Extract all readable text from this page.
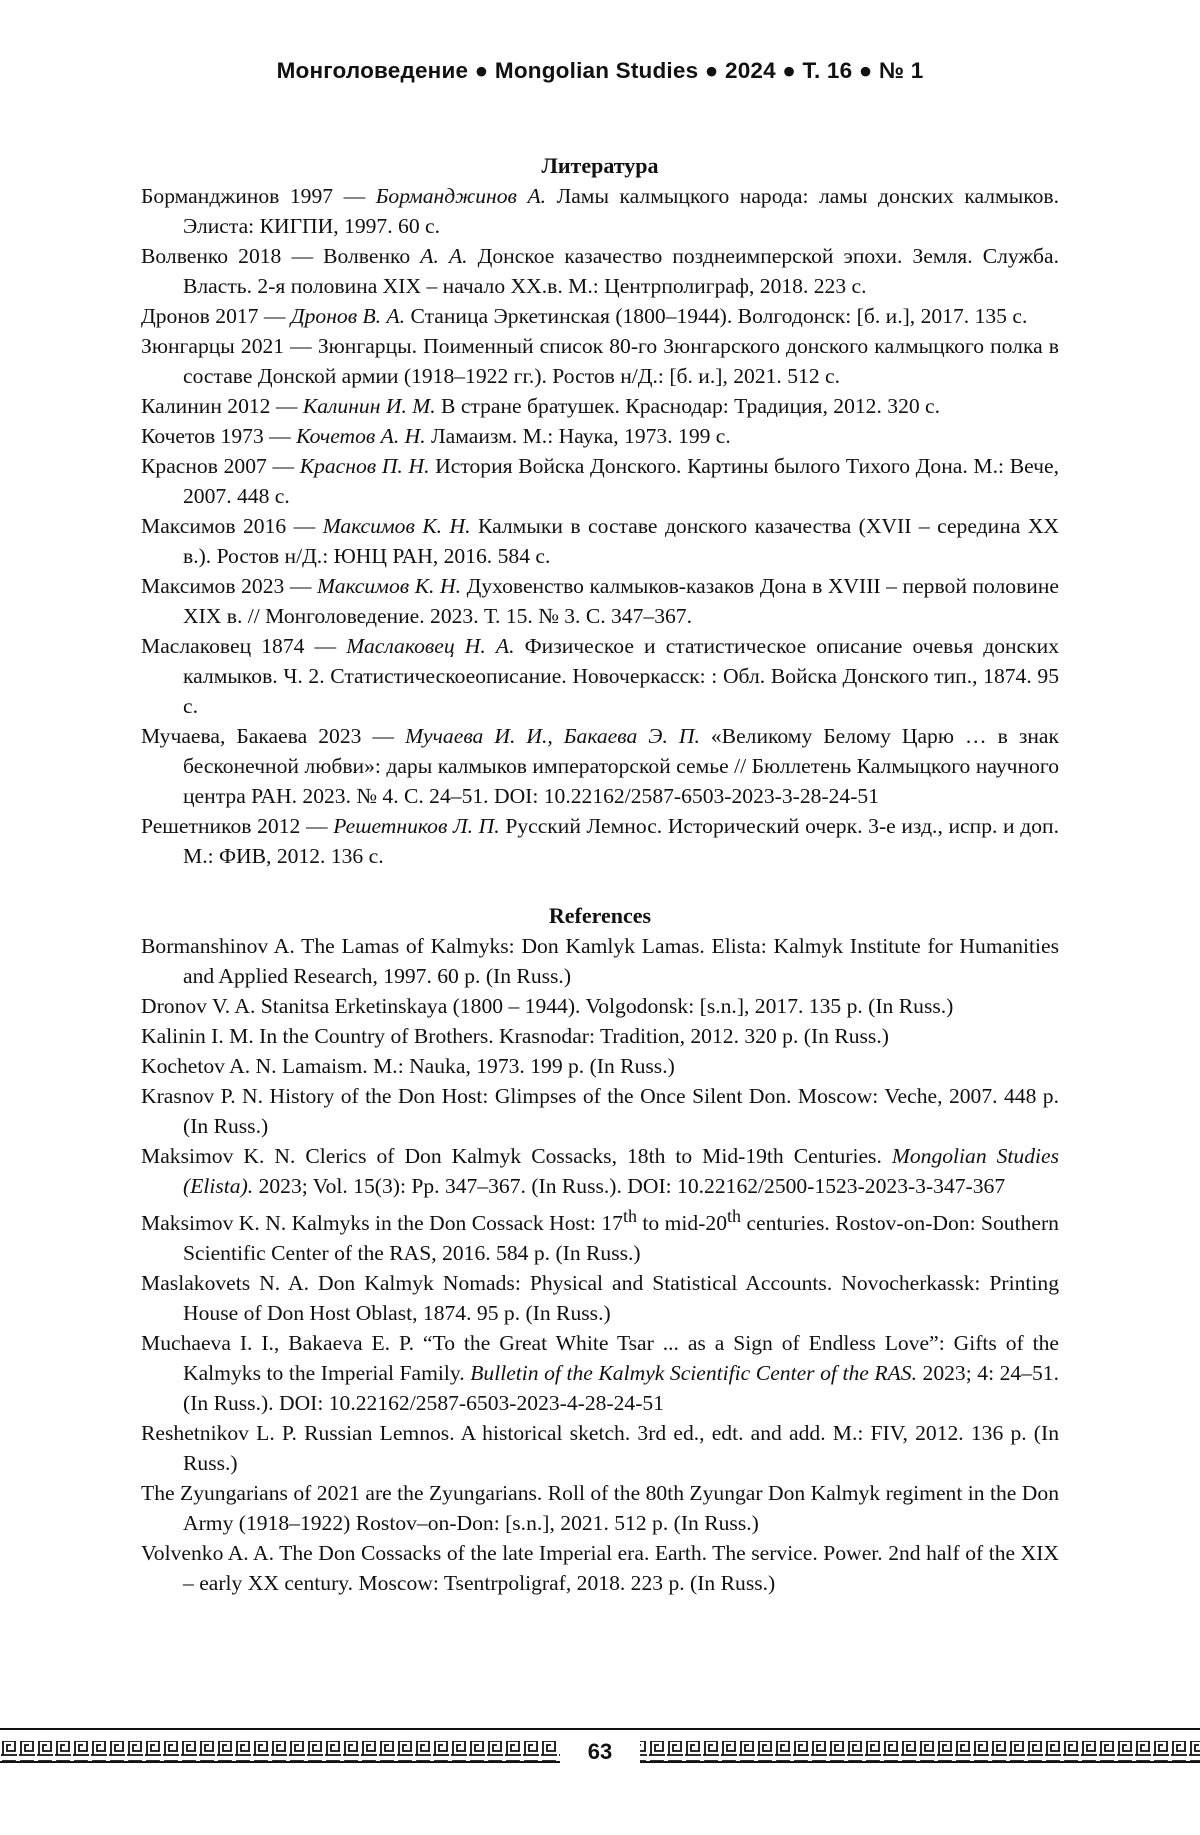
Монголоведение ● Mongolian Studies ● 2024 ● Т. 16 ● № 1
Литература
Борманджинов 1997 — Борманджинов А. Ламы калмыцкого народа: ламы донских калмыков. Элиста: КИГПИ, 1997. 60 с.
Волвенко 2018 — Волвенко А. А. Донское казачество позднеимперской эпохи. Земля. Служба. Власть. 2-я половина XIX – начало XX.в. М.: Центрполиграф, 2018. 223 с.
Дронов 2017 — Дронов В. А. Станица Эркетинская (1800–1944). Волгодонск: [б. и.], 2017. 135 с.
Зюнгарцы 2021 — Зюнгарцы. Поименный список 80-го Зюнгарского донского калмыцкого полка в составе Донской армии (1918–1922 гг.). Ростов н/Д.: [б. и.], 2021. 512 с.
Калинин 2012 — Калинин И. М. В стране братушек. Краснодар: Традиция, 2012. 320 с.
Кочетов 1973 — Кочетов А. Н. Ламаизм. М.: Наука, 1973. 199 с.
Краснов 2007 — Краснов П. Н. История Войска Донского. Картины былого Тихого Дона. М.: Вече, 2007. 448 с.
Максимов 2016 — Максимов К. Н. Калмыки в составе донского казачества (XVII – середина XX в.). Ростов н/Д.: ЮНЦ РАН, 2016. 584 с.
Максимов 2023 — Максимов К. Н. Духовенство калмыков-казаков Дона в XVIII – первой половине XIX в. // Монголоведение. 2023. Т. 15. № 3. С. 347–367.
Маслаковец 1874 — Маслаковец Н. А. Физическое и статистическое описание очевья донских калмыков. Ч. 2. Статистическоеописание. Новочеркасск: : Обл. Войска Донского тип., 1874. 95 с.
Мучаева, Бакаева 2023 — Мучаева И. И., Бакаева Э. П. «Великому Белому Царю … в знак бесконечной любви»: дары калмыков императорской семье // Бюллетень Калмыцкого научного центра РАН. 2023. № 4. С. 24–51. DOI: 10.22162/2587-6503-2023-3-28-24-51
Решетников 2012 — Решетников Л. П. Русский Лемнос. Исторический очерк. 3-е изд., испр. и доп. М.: ФИВ, 2012. 136 с.
References
Bormanshinov A. The Lamas of Kalmyks: Don Kamlyk Lamas. Elista: Kalmyk Institute for Humanities and Applied Research, 1997. 60 p. (In Russ.)
Dronov V. A. Stanitsa Erketinskaya (1800 – 1944). Volgodonsk: [s.n.], 2017. 135 p. (In Russ.)
Kalinin I. M. In the Country of Brothers. Krasnodar: Tradition, 2012. 320 p. (In Russ.)
Kochetov A. N. Lamaism. M.: Nauka, 1973. 199 p. (In Russ.)
Krasnov P. N. History of the Don Host: Glimpses of the Once Silent Don. Moscow: Veche, 2007. 448 p. (In Russ.)
Maksimov K. N. Clerics of Don Kalmyk Cossacks, 18th to Mid-19th Centuries. Mongolian Studies (Elista). 2023; Vol. 15(3): Pp. 347–367. (In Russ.). DOI: 10.22162/2500-1523-2023-3-347-367
Maksimov K. N. Kalmyks in the Don Cossack Host: 17th to mid-20th centuries. Rostov-on-Don: Southern Scientific Center of the RAS, 2016. 584 p. (In Russ.)
Maslakovets N. A. Don Kalmyk Nomads: Physical and Statistical Accounts. Novocherkassk: Printing House of Don Host Oblast, 1874. 95 p. (In Russ.)
Muchaeva I. I., Bakaeva E. P. “To the Great White Tsar ... as a Sign of Endless Love”: Gifts of the Kalmyks to the Imperial Family. Bulletin of the Kalmyk Scientific Center of the RAS. 2023; 4: 24–51. (In Russ.). DOI: 10.22162/2587-6503-2023-4-28-24-51
Reshetnikov L. P. Russian Lemnos. A historical sketch. 3rd ed., edt. and add. M.: FIV, 2012. 136 p. (In Russ.)
The Zyungarians of 2021 are the Zyungarians. Roll of the 80th Zyungar Don Kalmyk regiment in the Don Army (1918–1922) Rostov–on-Don: [s.n.], 2021. 512 p. (In Russ.)
Volvenko A. A. The Don Cossacks of the late Imperial era. Earth. The service. Power. 2nd half of the XIX – early XX century. Moscow: Tsentrpoligraf, 2018. 223 p. (In Russ.)
63
